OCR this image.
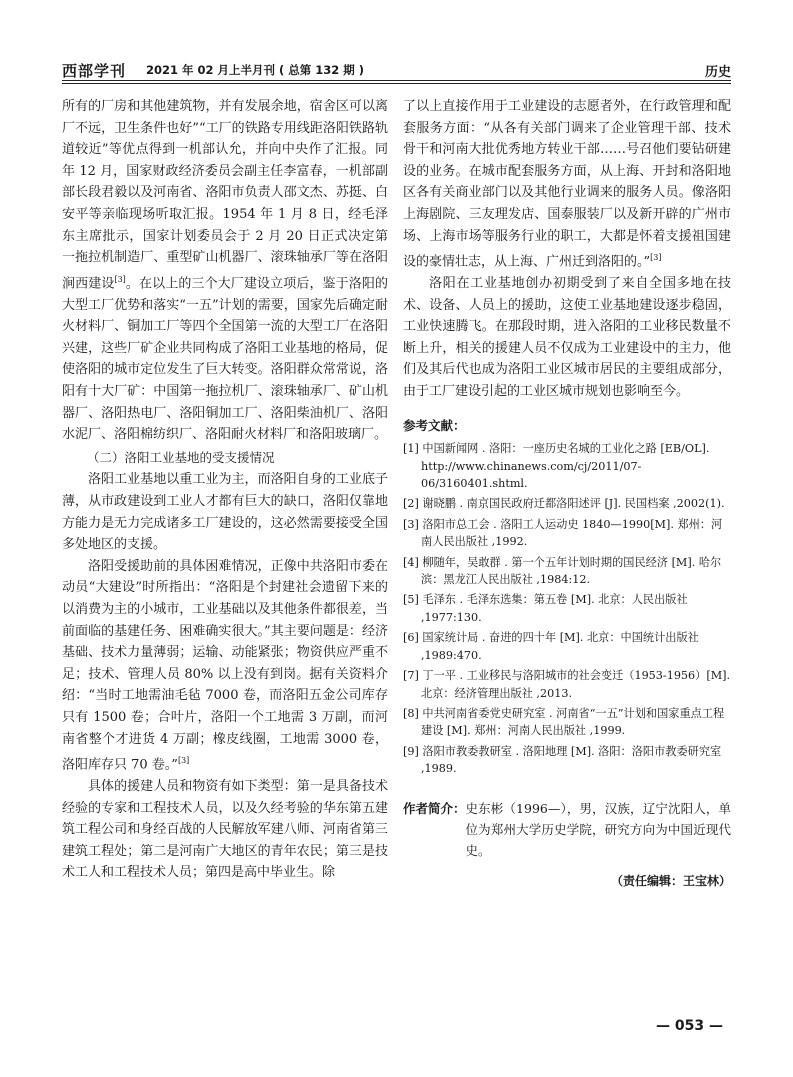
西部学刊 2021 年 02 月上半月刊 ( 总第 132 期 )	历史

所有的厂房和其他建筑物，并有发展余地，宿舍区可以离厂不远，卫生条件也好”“工厂的铁路专用线距洛阳铁路轨道较近”等优点得到一机部认允，并向中央作了汇报。同年 12 月，国家财政经济委员会副主任李富春，一机部副部长段君毅以及河南省、洛阳市负责人邵文杰、苏挺、白安平等亲临现场听取汇报。1954 年 1 月 8 日，经毛泽东主席批示，国家计划委员会于 2 月 20 日正式决定第一拖拉机制造厂、重型矿山机器厂、滚珠轴承厂等在洛阳涧西建设[3]。在以上的三个大厂建设立项后，鉴于洛阳的大型工厂优势和落实“一五”计划的需要，国家先后确定耐火材料厂、铜加工厂等四个全国第一流的大型工厂在洛阳兴建，这些厂矿企业共同构成了洛阳工业基地的格局，促使洛阳的城市定位发生了巨大转变。洛阳群众常常说，洛阳有十大厂矿：中国第一拖拉机厂、滚珠轴承厂、矿山机器厂、洛阳热电厂、洛阳铜加工厂、洛阳柴油机厂、洛阳水泥厂、洛阳棉纺织厂、洛阳耐火材料厂和洛阳玻璃厂。

（二）洛阳工业基地的受支援情况

洛阳工业基地以重工业为主，而洛阳自身的工业底子薄，从市政建设到工业人才都有巨大的缺口，洛阳仅靠地方能力是无力完成诸多工厂建设的，这必然需要接受全国多处地区的支援。

洛阳受援助前的具体困难情况，正像中共洛阳市委在动员“大建设”时所指出：“洛阳是个封建社会遗留下来的以消费为主的小城市，工业基础以及其他条件都很差，当前面临的基建任务、困难确实很大。”其主要问题是：经济基础、技术力量薄弱；运输、动能紧张；物资供应严重不足；技术、管理人员 80% 以上没有到岗。据有关资料介绍：“当时工地需油毛毡 7000 卷，而洛阳五金公司库存只有 1500 卷；合叶片，洛阳一个工地需 3 万副，而河南省整个才进货 4 万副；橡皮线圈，工地需 3000 卷，洛阳库存只 70 卷。”[3]

具体的援建人员和物资有如下类型：第一是具备技术经验的专家和工程技术人员，以及久经考验的华东第五建筑工程公司和身经百战的人民解放军建八师、河南省第三建筑工程处；第二是河南广大地区的青年农民；第三是技术工人和工程技术人员；第四是高中毕业生。除

了以上直接作用于工业建设的志愿者外，在行政管理和配套服务方面：“从各有关部门调来了企业管理干部、技术骨干和河南大批优秀地方转业干部……号召他们要钻研建设的业务。在城市配套服务方面，从上海、开封和洛阳地区各有关商业部门以及其他行业调来的服务人员。像洛阳上海剧院、三友理发店、国泰服装厂以及新开辟的广州市场、上海市场等服务行业的职工，大都是怀着支援祖国建设的豪情壮志，从上海、广州迁到洛阳的。”[3]

洛阳在工业基地创办初期受到了来自全国多地在技术、设备、人员上的援助，这使工业基地建设逐步稳固，工业快速腾飞。在那段时期，进入洛阳的工业移民数量不断上升，相关的援建人员不仅成为工业建设中的主力，他们及其后代也成为洛阳工业区城市居民的主要组成部分，由于工厂建设引起的工业区城市规划也影响至今。

参考文献：
[1] 中国新闻网 . 洛阳：一座历史名城的工业化之路 [EB/OL]. http://www.chinanews.com/cj/2011/07-06/3160401.shtml.
[2] 谢晓鹏 . 南京国民政府迁都洛阳述评 [J]. 民国档案 ,2002(1).
[3] 洛阳市总工会 . 洛阳工人运动史 1840—1990[M]. 郑州：河南人民出版社 ,1992.
[4] 柳随年，吴敢群 . 第一个五年计划时期的国民经济 [M]. 哈尔滨：黑龙江人民出版社 ,1984:12.
[5] 毛泽东 . 毛泽东选集：第五卷 [M]. 北京：人民出版社 ,1977:130.
[6] 国家统计局 . 奋进的四十年 [M]. 北京：中国统计出版社 ,1989:470.
[7] 丁一平 . 工业移民与洛阳城市的社会变迁（1953-1956）[M]. 北京：经济管理出版社 ,2013.
[8] 中共河南省委党史研究室 . 河南省“一五”计划和国家重点工程建设 [M]. 郑州：河南人民出版社 ,1999.
[9] 洛阳市教委教研室 . 洛阳地理 [M]. 洛阳：洛阳市教委研究室 ,1989.
作者简介： 史东彬（1996—），男，汉族，辽宁沈阳人，单位为郑州大学历史学院，研究方向为中国近现代史。
（责任编辑：王宝林）
— 053 —
